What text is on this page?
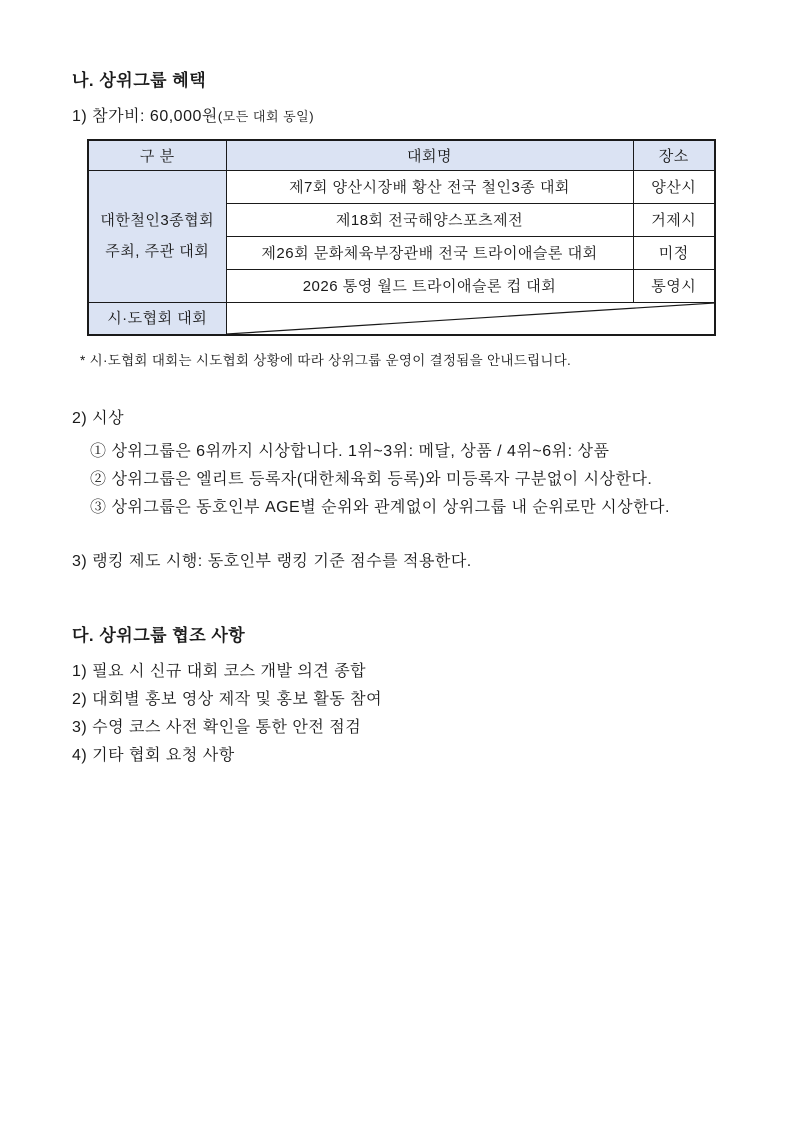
나. 상위그룹 혜택
1) 참가비: 60,000원(모든 대회 동일)
구 분	대회명	장소

대한철인3종협회
주최, 주관 대회	제7회 양산시장배 황산 전국 철인3종 대회	양산시
	제18회 전국해양스포츠제전	거제시
	제26회 문화체육부장관배 전국 트라이애슬론 대회	미정
	2026 통영 월드 트라이애슬론 컵 대회	통영시
시·도협회 대회	
* 시·도협회 대회는 시도협회 상황에 따라 상위그룹 운영이 결정됨을 안내드립니다.
2) 시상
① 상위그룹은 6위까지 시상합니다. 1위~3위: 메달, 상품 / 4위~6위: 상품
② 상위그룹은 엘리트 등록자(대한체육회 등록)와 미등록자 구분없이 시상한다.
③ 상위그룹은 동호인부 AGE별 순위와 관계없이 상위그룹 내 순위로만 시상한다.
3) 랭킹 제도 시행: 동호인부 랭킹 기준 점수를 적용한다.
다. 상위그룹 협조 사항
1) 필요 시 신규 대회 코스 개발 의견 종합
2) 대회별 홍보 영상 제작 및 홍보 활동 참여
3) 수영 코스 사전 확인을 통한 안전 점검
4) 기타 협회 요청 사항
